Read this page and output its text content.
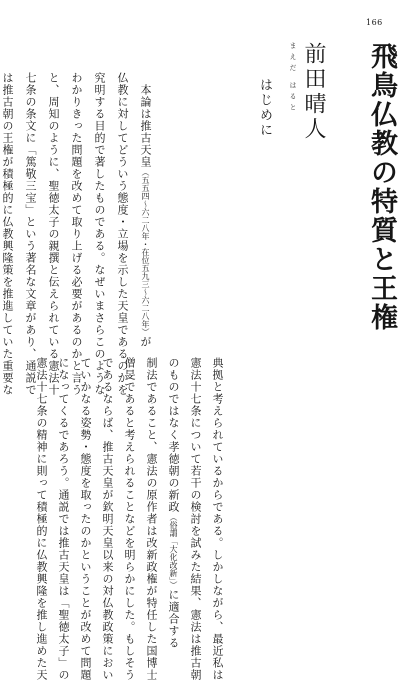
166
飛鳥仏教の特質と王権
まえだ はると 前田晴人
はじめに
　本論は推古天皇（五五四～六二八年・在位五九三～六二八年）が
仏教に対してどういう態度・立場を示した天皇であるのかを
究明する目的で著したものである。なぜいまさらこのような
わかりきった問題を改めて取り上げる必要があるのかと言う
と、周知のように、聖徳太子の親撰と伝えられている憲法十
七条の条文に「篤敬三宝」という著名な文章があり、通説で
は推古朝の王権が積極的に仏教興隆策を推進していた重要な
典拠と考えられているからである。しかしながら、最近私は
憲法十七条について若干の検討を試みた結果、憲法は推古朝
のものではなく孝徳朝の新政（俗謂「大化改新」）に適合する
制法であること、憲法の原作者は改新政権が特任した国博士
僧旻であると考えられることなどを明らかにした。もしそう
であるならば、推古天皇が欽明天皇以来の対仏教政策におい
ていかなる姿勢・態度を取ったのかということが改めて問題
になってくるであろう。通説では推古天皇は「聖徳太子」の
憲法十七条の精神に則って積極的に仏教興隆を推し進めた天
